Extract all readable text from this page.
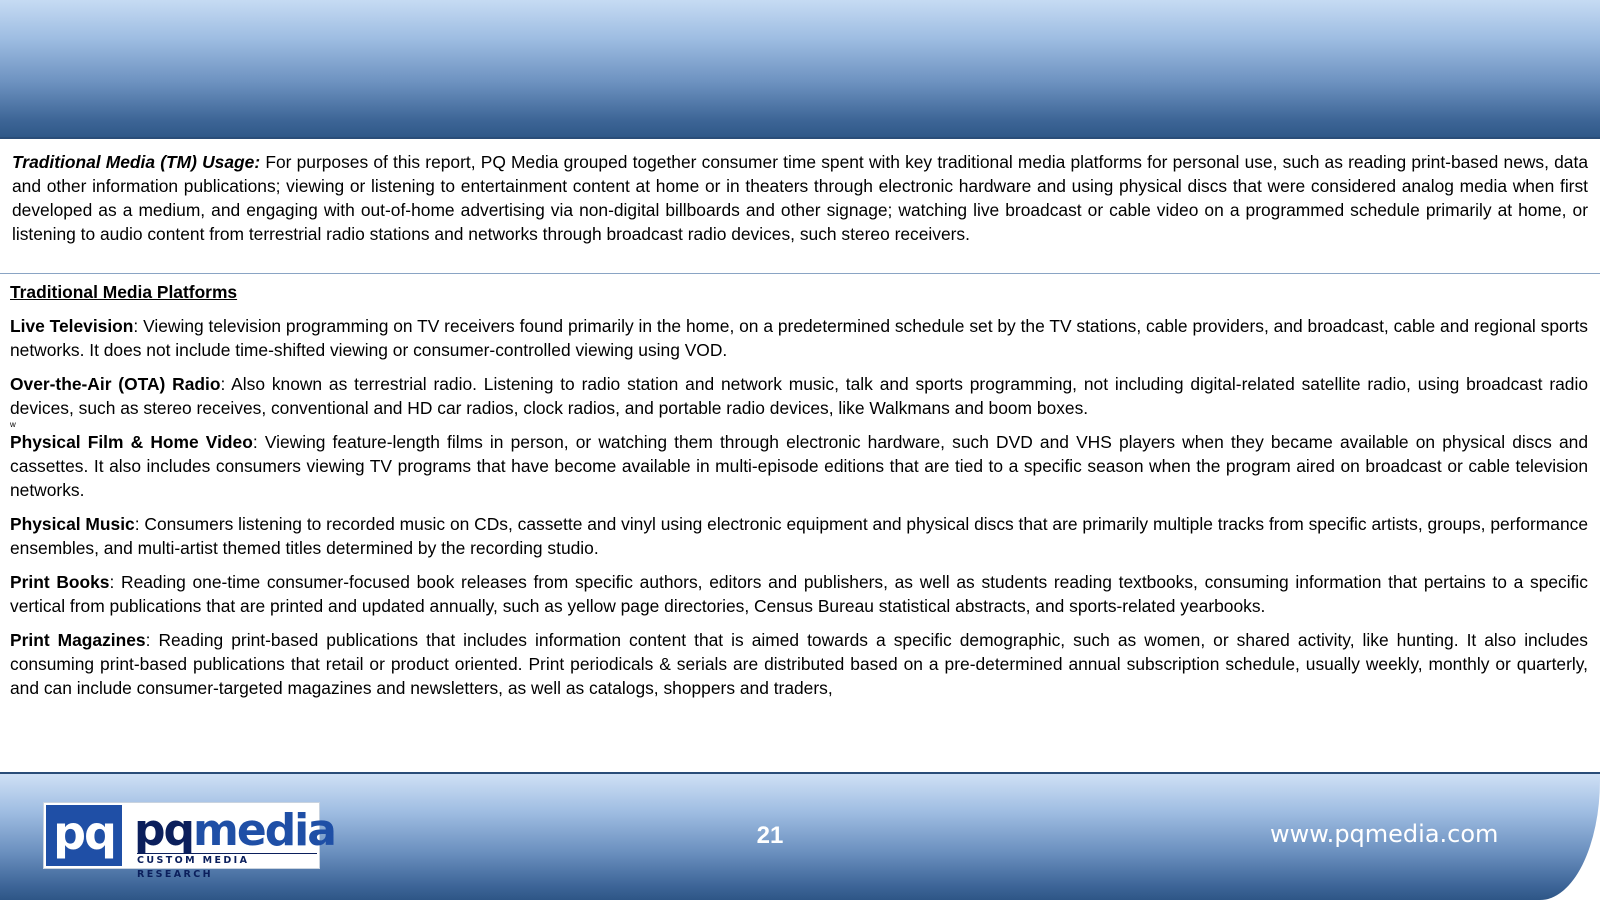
Traditional Media (TM) Usage: For purposes of this report, PQ Media grouped together consumer time spent with key traditional media platforms for personal use, such as reading print-based news, data and other information publications; viewing or listening to entertainment content at home or in theaters through electronic hardware and using physical discs that were considered analog media when first developed as a medium, and engaging with out-of-home advertising via non-digital billboards and other signage; watching live broadcast or cable video on a programmed schedule primarily at home, or listening to audio content from terrestrial radio stations and networks through broadcast radio devices, such stereo receivers.
Traditional Media Platforms
Live Television: Viewing television programming on TV receivers found primarily in the home, on a predetermined schedule set by the TV stations, cable providers, and broadcast, cable and regional sports networks. It does not include time-shifted viewing or consumer-controlled viewing using VOD.
Over-the-Air (OTA) Radio: Also known as terrestrial radio. Listening to radio station and network music, talk and sports programming, not including digital-related satellite radio, using broadcast radio devices, such as stereo receives, conventional and HD car radios, clock radios, and portable radio devices, like Walkmans and boom boxes.
w
Physical Film & Home Video: Viewing feature-length films in person, or watching them through electronic hardware, such DVD and VHS players when they became available on physical discs and cassettes. It also includes consumers viewing TV programs that have become available in multi-episode editions that are tied to a specific season when the program aired on broadcast or cable television networks.
Physical Music: Consumers listening to recorded music on CDs, cassette and vinyl using electronic equipment and physical discs that are primarily multiple tracks from specific artists, groups, performance ensembles, and multi-artist themed titles determined by the recording studio.
Print Books: Reading one-time consumer-focused book releases from specific authors, editors and publishers, as well as students reading textbooks, consuming information that pertains to a specific vertical from publications that are printed and updated annually, such as yellow page directories, Census Bureau statistical abstracts, and sports-related yearbooks.
Print Magazines: Reading print-based publications that includes information content that is aimed towards a specific demographic, such as women, or shared activity, like hunting. It also includes consuming print-based publications that retail or product oriented. Print periodicals & serials are distributed based on a pre-determined annual subscription schedule, usually weekly, monthly or quarterly, and can include consumer-targeted magazines and newsletters, as well as catalogs, shoppers and traders,
pq pqmedia
CUSTOM MEDIA RESEARCH
21	www.pqmedia.com
